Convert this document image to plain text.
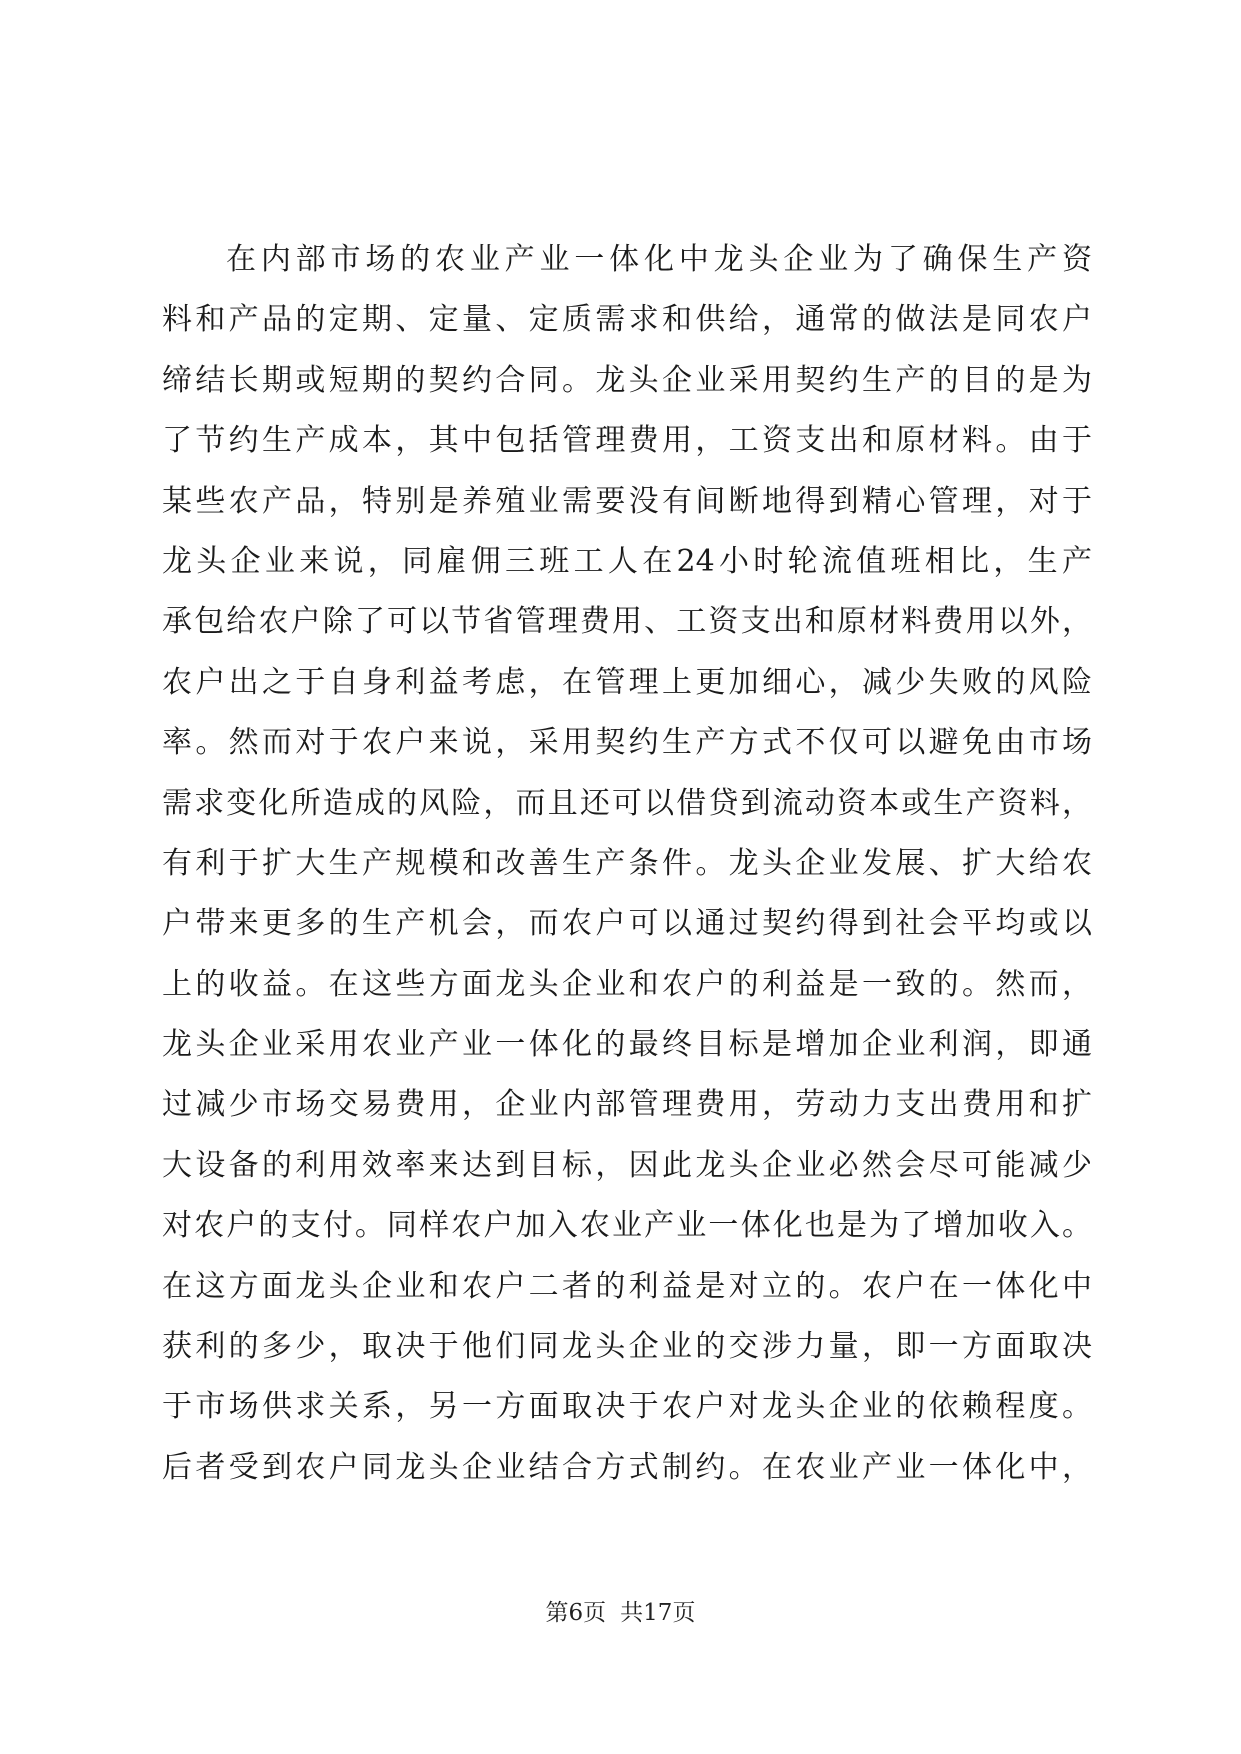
在内部市场的农业产业一体化中龙头企业为了确保生产资
料和产品的定期、定量、定质需求和供给，通常的做法是同农户
缔结长期或短期的契约合同。龙头企业采用契约生产的目的是为
了节约生产成本，其中包括管理费用，工资支出和原材料。由于
某些农产品，特别是养殖业需要没有间断地得到精心管理，对于
龙头企业来说，同雇佣三班工人在24小时轮流值班相比，生产
承包给农户除了可以节省管理费用、工资支出和原材料费用以外，
农户出之于自身利益考虑，在管理上更加细心，减少失败的风险
率。然而对于农户来说，采用契约生产方式不仅可以避免由市场
需求变化所造成的风险，而且还可以借贷到流动资本或生产资料，
有利于扩大生产规模和改善生产条件。龙头企业发展、扩大给农
户带来更多的生产机会，而农户可以通过契约得到社会平均或以
上的收益。在这些方面龙头企业和农户的利益是一致的。然而，
龙头企业采用农业产业一体化的最终目标是增加企业利润，即通
过减少市场交易费用，企业内部管理费用，劳动力支出费用和扩
大设备的利用效率来达到目标，因此龙头企业必然会尽可能减少
对农户的支付。同样农户加入农业产业一体化也是为了增加收入。
在这方面龙头企业和农户二者的利益是对立的。农户在一体化中
获利的多少，取决于他们同龙头企业的交涉力量，即一方面取决
于市场供求关系，另一方面取决于农户对龙头企业的依赖程度。
后者受到农户同龙头企业结合方式制约。在农业产业一体化中，
第6页 共17页
